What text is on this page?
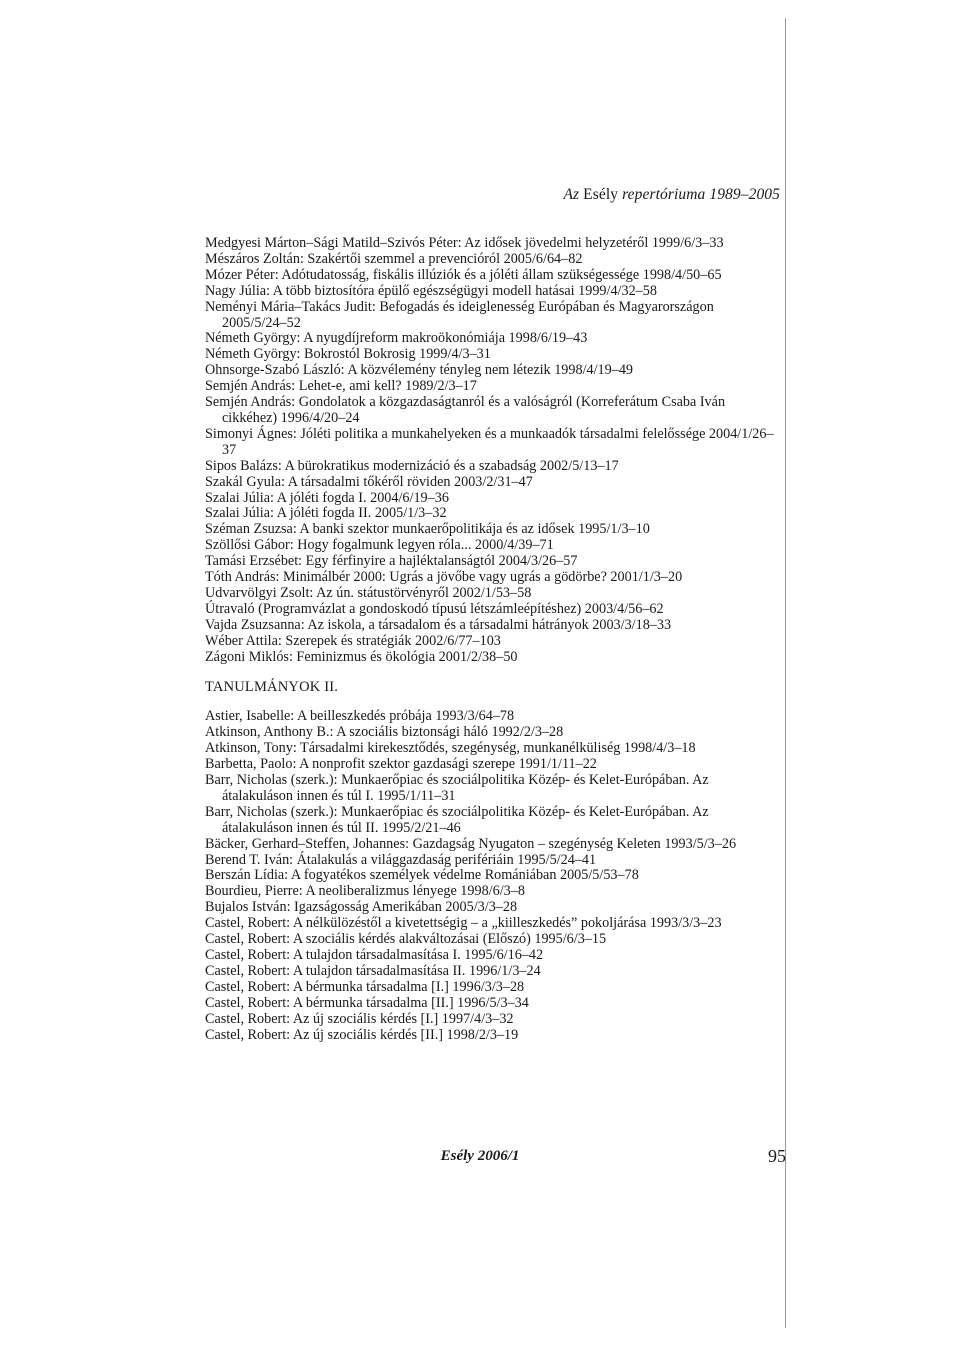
Az Esély repertóriuma 1989–2005
Medgyesi Márton–Sági Matild–Szivós Péter: Az idősek jövedelmi helyzetéről 1999/6/3–33
Mészáros Zoltán: Szakértői szemmel a prevencióról 2005/6/64–82
Mózer Péter: Adótudatosság, fiskális illúziók és a jóléti állam szükségessége 1998/4/50–65
Nagy Júlia: A több biztosítóra épülő egészségügyi modell hatásai 1999/4/32–58
Neményi Mária–Takács Judit: Befogadás és ideiglenesség Európában és Magyarországon 2005/5/24–52
Németh György: A nyugdíjreform makroökonómiája 1998/6/19–43
Németh György: Bokrostól Bokrosig 1999/4/3–31
Ohnsorge-Szabó László: A közvélemény tényleg nem létezik 1998/4/19–49
Semjén András: Lehet-e, ami kell? 1989/2/3–17
Semjén András: Gondolatok a közgazdaságtanról és a valóságról (Korreferátum Csaba Iván cikkéhez) 1996/4/20–24
Simonyi Ágnes: Jóléti politika a munkahelyeken és a munkaadók társadalmi felelőssége 2004/1/26–37
Sipos Balázs: A bürokratikus modernizáció és a szabadság 2002/5/13–17
Szakál Gyula: A társadalmi tőkéről röviden 2003/2/31–47
Szalai Júlia: A jóléti fogda I. 2004/6/19–36
Szalai Júlia: A jóléti fogda II. 2005/1/3–32
Széman Zsuzsa: A banki szektor munkaerőpolitikája és az idősek 1995/1/3–10
Szöllősi Gábor: Hogy fogalmunk legyen róla... 2000/4/39–71
Tamási Erzsébet: Egy férfinyire a hajléktalanságtól 2004/3/26–57
Tóth András: Minimálbér 2000: Ugrás a jövőbe vagy ugrás a gödörbe? 2001/1/3–20
Udvarvölgyi Zsolt: Az ún. státustörvényről 2002/1/53–58
Útravaló (Programvázlat a gondoskodó típusú létszámleépítéshez) 2003/4/56–62
Vajda Zsuzsanna: Az iskola, a társadalom és a társadalmi hátrányok 2003/3/18–33
Wéber Attila: Szerepek és stratégiák 2002/6/77–103
Zágoni Miklós: Feminizmus és ökológia 2001/2/38–50
TANULMÁNYOK II.
Astier, Isabelle: A beilleszkedés próbája 1993/3/64–78
Atkinson, Anthony B.: A szociális biztonsági háló 1992/2/3–28
Atkinson, Tony: Társadalmi kirekesztődés, szegénység, munkanélküliség 1998/4/3–18
Barbetta, Paolo: A nonprofit szektor gazdasági szerepe 1991/1/11–22
Barr, Nicholas (szerk.): Munkaerőpiac és szociálpolitika Közép- és Kelet-Európában. Az átalakuláson innen és túl I. 1995/1/11–31
Barr, Nicholas (szerk.): Munkaerőpiac és szociálpolitika Közép- és Kelet-Európában. Az átalakuláson innen és túl II. 1995/2/21–46
Bäcker, Gerhard–Steffen, Johannes: Gazdagság Nyugaton – szegénység Keleten 1993/5/3–26
Berend T. Iván: Átalakulás a világgazdaság perifériáin 1995/5/24–41
Berszán Lídia: A fogyatékos személyek védelme Romániában 2005/5/53–78
Bourdieu, Pierre: A neoliberalizmus lényege 1998/6/3–8
Bujalos István: Igazságosság Amerikában 2005/3/3–28
Castel, Robert: A nélkülözéstől a kivetettségig – a „kiilleszkedés” pokoljárása 1993/3/3–23
Castel, Robert: A szociális kérdés alakváltozásai (Előszó) 1995/6/3–15
Castel, Robert: A tulajdon társadalmasítása I. 1995/6/16–42
Castel, Robert: A tulajdon társadalmasítása II. 1996/1/3–24
Castel, Robert: A bérmunka társadalma [I.] 1996/3/3–28
Castel, Robert: A bérmunka társadalma [II.] 1996/5/3–34
Castel, Robert: Az új szociális kérdés [I.] 1997/4/3–32
Castel, Robert: Az új szociális kérdés [II.] 1998/2/3–19
Esély 2006/1	95
